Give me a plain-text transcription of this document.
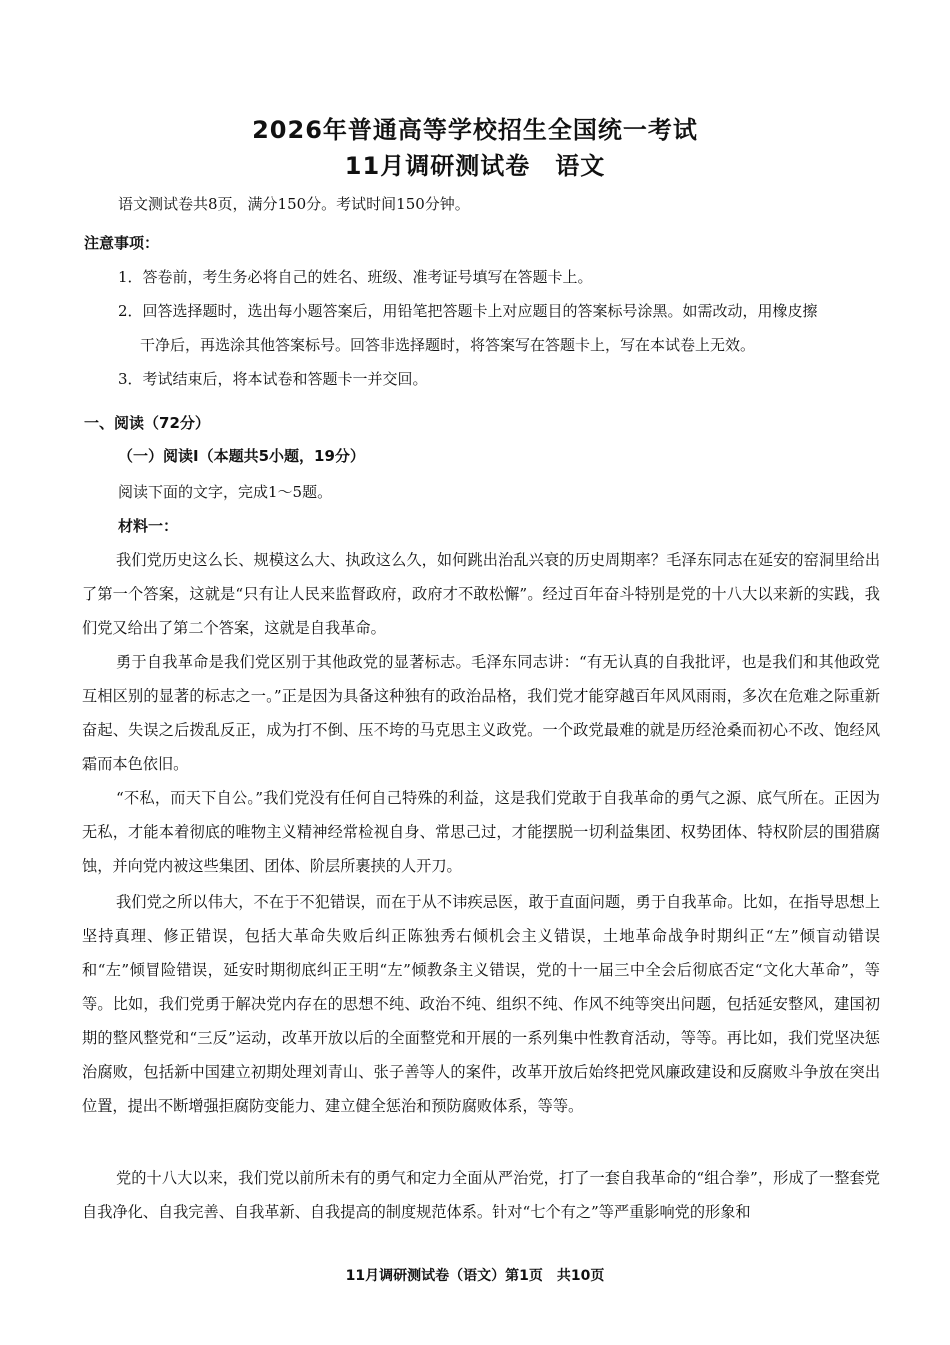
2026年普通高等学校招生全国统一考试
11月调研测试卷　语文
语文测试卷共8页，满分150分。考试时间150分钟。
注意事项：
1．答卷前，考生务必将自己的姓名、班级、准考证号填写在答题卡上。
2．回答选择题时，选出每小题答案后，用铅笔把答题卡上对应题目的答案标号涂黑。如需改动，用橡皮擦
干净后，再选涂其他答案标号。回答非选择题时，将答案写在答题卡上，写在本试卷上无效。
3．考试结束后，将本试卷和答题卡一并交回。
一、阅读（72分）
（一）阅读Ⅰ（本题共5小题，19分）
阅读下面的文字，完成1～5题。
材料一：
我们党历史这么长、规模这么大、执政这么久，如何跳出治乱兴衰的历史周期率？毛泽东同志在延安的窑洞里给出了第一个答案，这就是“只有让人民来监督政府，政府才不敢松懈”。经过百年奋斗特别是党的十八大以来新的实践，我们党又给出了第二个答案，这就是自我革命。
勇于自我革命是我们党区别于其他政党的显著标志。毛泽东同志讲：“有无认真的自我批评，也是我们和其他政党互相区别的显著的标志之一。”正是因为具备这种独有的政治品格，我们党才能穿越百年风风雨雨，多次在危难之际重新奋起、失误之后拨乱反正，成为打不倒、压不垮的马克思主义政党。一个政党最难的就是历经沧桑而初心不改、饱经风霜而本色依旧。
“不私，而天下自公。”我们党没有任何自己特殊的利益，这是我们党敢于自我革命的勇气之源、底气所在。正因为无私，才能本着彻底的唯物主义精神经常检视自身、常思己过，才能摆脱一切利益集团、权势团体、特权阶层的围猎腐蚀，并向党内被这些集团、团体、阶层所裹挟的人开刀。
我们党之所以伟大，不在于不犯错误，而在于从不讳疾忌医，敢于直面问题，勇于自我革命。比如，在指导思想上坚持真理、修正错误，包括大革命失败后纠正陈独秀右倾机会主义错误，土地革命战争时期纠正“左”倾盲动错误和“左”倾冒险错误，延安时期彻底纠正王明“左”倾教条主义错误，党的十一届三中全会后彻底否定“文化大革命”，等等。比如，我们党勇于解决党内存在的思想不纯、政治不纯、组织不纯、作风不纯等突出问题，包括延安整风，建国初期的整风整党和“三反”运动，改革开放以后的全面整党和开展的一系列集中性教育活动，等等。再比如，我们党坚决惩治腐败，包括新中国建立初期处理刘青山、张子善等人的案件，改革开放后始终把党风廉政建设和反腐败斗争放在突出位置，提出不断增强拒腐防变能力、建立健全惩治和预防腐败体系，等等。
党的十八大以来，我们党以前所未有的勇气和定力全面从严治党，打了一套自我革命的“组合拳”，形成了一整套党自我净化、自我完善、自我革新、自我提高的制度规范体系。针对“七个有之”等严重影响党的形象和
11月调研测试卷（语文）第1页　共10页
